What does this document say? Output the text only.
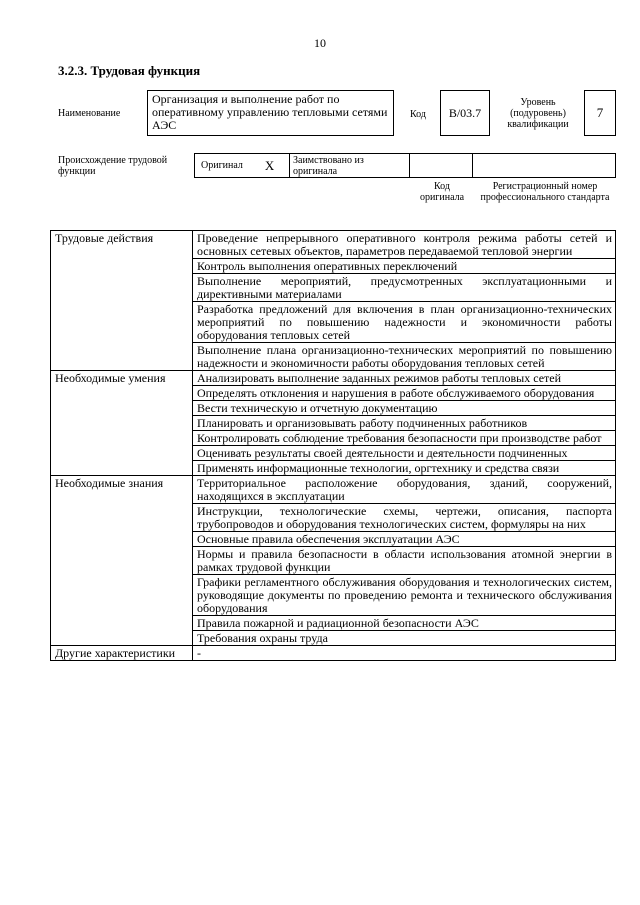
10
3.2.3. Трудовая функция
Наименование
Организация и выполнение работ по оперативному управлению тепловыми сетями АЭС
Код	В/03.7
Уровень (подуровень) квалификации
7
Происхождение трудовой функции
Оригинал X	Заимствовано из оригинала
Код оригинала
Регистрационный номер профессионального стандарта
Трудовые действия	Проведение непрерывного оперативного контроля режима работы сетей и основных сетевых объектов, параметров передаваемой тепловой энергии
	Контроль выполнения оперативных переключений
	Выполнение мероприятий, предусмотренных эксплуатационными и директивными материалами
	Разработка предложений для включения в план организационно-технических мероприятий по повышению надежности и экономичности работы оборудования тепловых сетей
	Выполнение плана организационно-технических мероприятий по повышению надежности и экономичности работы оборудования тепловых сетей
Необходимые умения	Анализировать выполнение заданных режимов работы тепловых сетей
	Определять отклонения и нарушения в работе обслуживаемого оборудования
	Вести техническую и отчетную документацию
	Планировать и организовывать работу подчиненных работников
	Контролировать соблюдение требования безопасности при производстве работ
	Оценивать результаты своей деятельности и деятельности подчиненных
	Применять информационные технологии, оргтехнику и средства связи
Необходимые знания	Территориальное расположение оборудования, зданий, сооружений, находящихся в эксплуатации
	Инструкции, технологические схемы, чертежи, описания, паспорта трубопроводов и оборудования технологических систем, формуляры на них
	Основные правила обеспечения эксплуатации АЭС
	Нормы и правила безопасности в области использования атомной энергии в рамках трудовой функции
	Графики регламентного обслуживания оборудования и технологических систем, руководящие документы по проведению ремонта и технического обслуживания оборудования
	Правила пожарной и радиационной безопасности АЭС
	Требования охраны труда
Другие характеристики	-
